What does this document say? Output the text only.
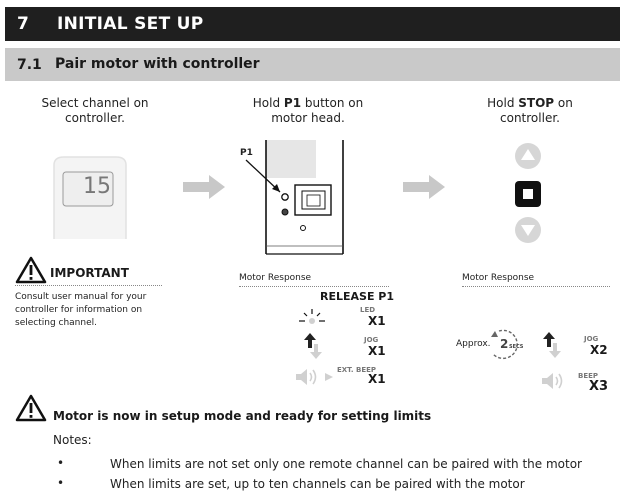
7 INITIAL SET UP
7.1 Pair motor with controller
Select channel on
controller.
Hold P1 button on
motor head.
Hold STOP on
controller.
15
P1
IMPORTANT
Consult user manual for your
controller for information on
selecting channel.
Motor Response
RELEASE P1
LED
X1
JOG
X1
EXT. BEEP
X1
Motor Response
Approx. 2 SECS
JOG
X2
BEEP
X3
Motor is now in setup mode and ready for setting limits
Notes:
•	When limits are not set only one remote channel can be paired with the motor
•	When limits are set, up to ten channels can be paired with the motor
